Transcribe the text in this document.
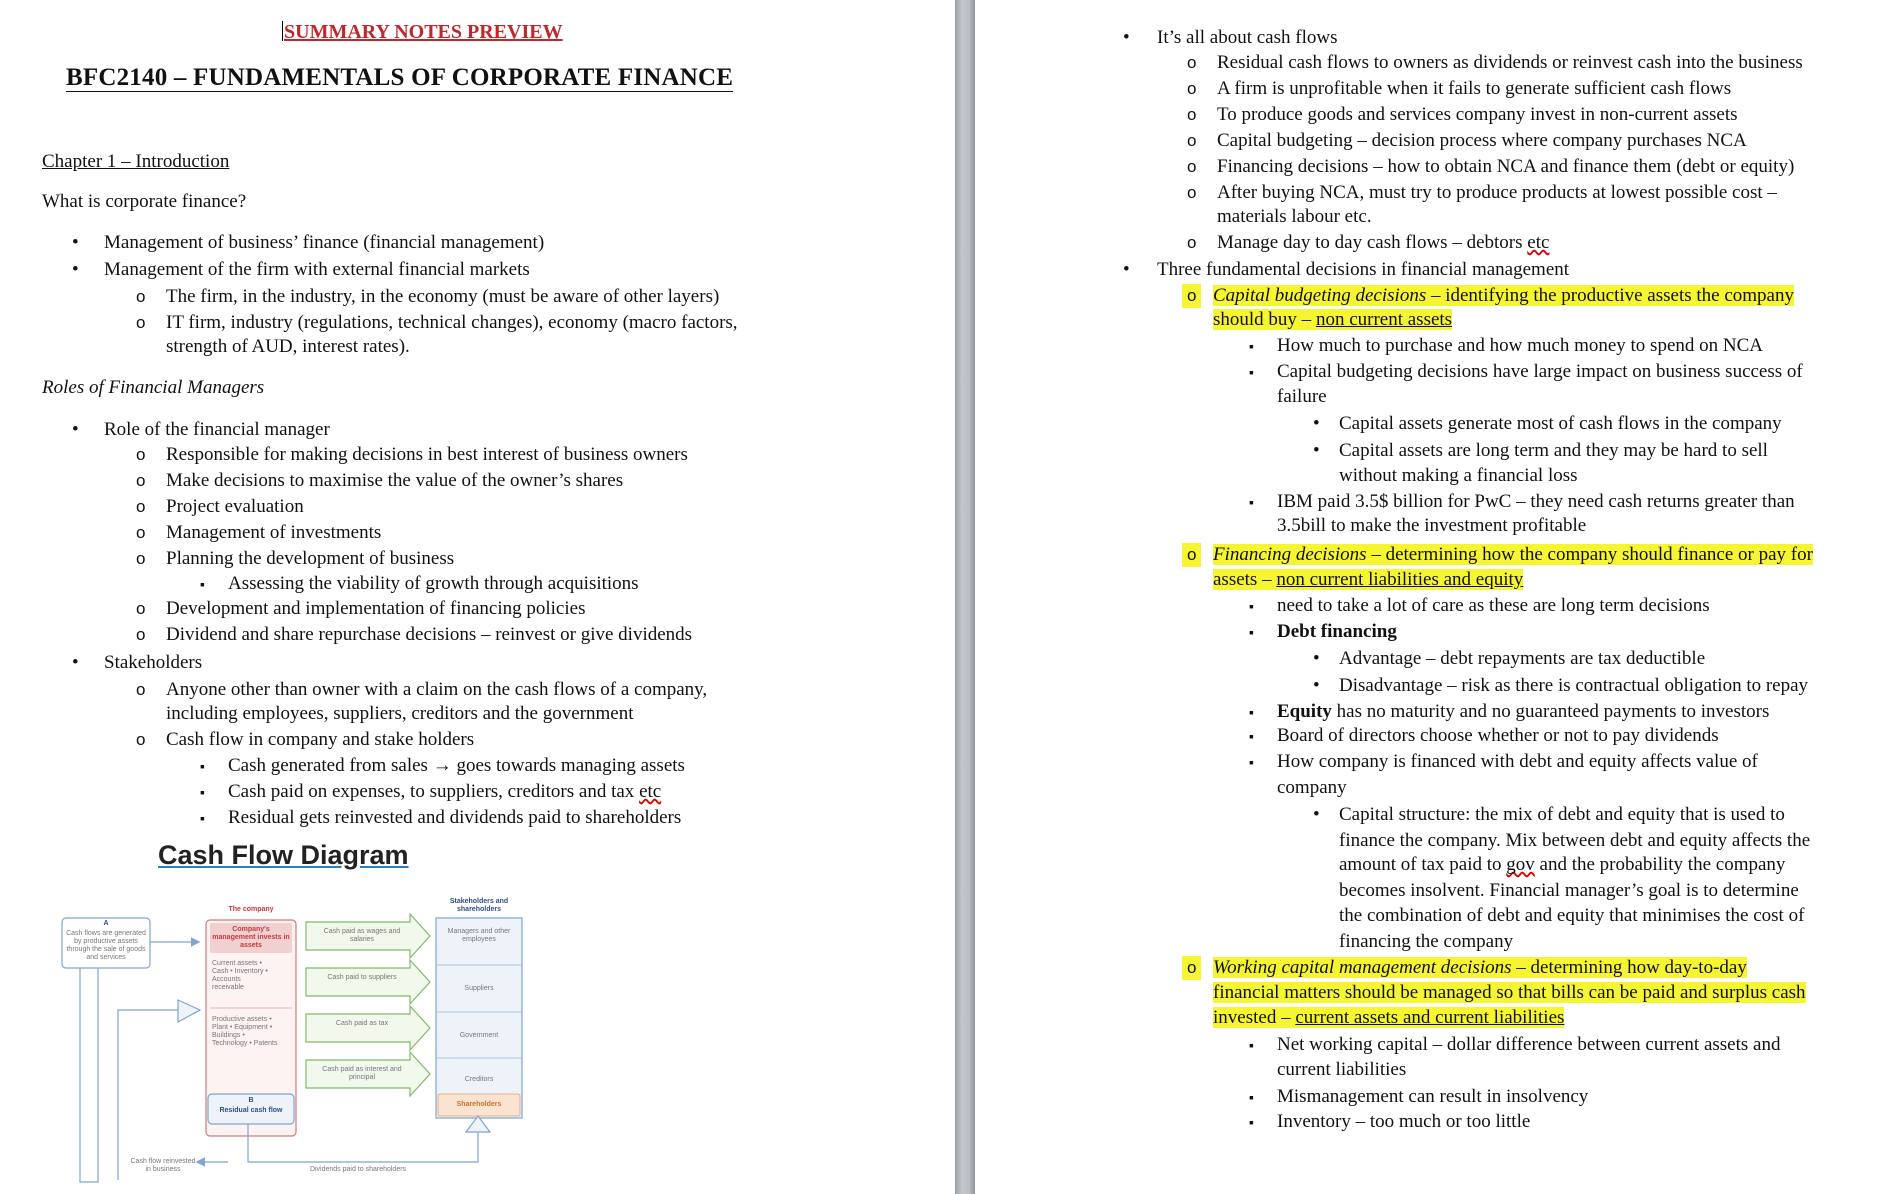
SUMMARY NOTES PREVIEW
BFC2140 – FUNDAMENTALS OF CORPORATE FINANCE
Chapter 1 – Introduction
What is corporate finance?
•
Management of business’ finance (financial management)
•
Management of the firm with external financial markets
o
The firm, in the industry, in the economy (must be aware of other layers)
o
IT firm, industry (regulations, technical changes), economy (macro factors,
strength of AUD, interest rates).
Roles of Financial Managers
•
Role of the financial manager
o
Responsible for making decisions in best interest of business owners
o
Make decisions to maximise the value of the owner’s shares
o
Project evaluation
o
Management of investments
o
Planning the development of business
▪
Assessing the viability of growth through acquisitions
o
Development and implementation of financing policies
o
Dividend and share repurchase decisions – reinvest or give dividends
•
Stakeholders
o
Anyone other than owner with a claim on the cash flows of a company,
including employees, suppliers, creditors and the government
o
Cash flow in company and stake holders
▪
Cash generated from sales → goes towards managing assets
▪
Cash paid on expenses, to suppliers, creditors and tax etc
▪
Residual gets reinvested and dividends paid to shareholders
Cash Flow Diagram
The company
Company's management invests in assets
Current assets • Cash • Inventory • Accounts receivable
Productive assets • Plant • Equipment • Buildings • Technology • Patents
A
Cash flows are generated by productive assets through the sale of goods and services
B
Residual cash flow
Stakeholders and shareholders
Managers and other employees
Suppliers
Government
Creditors
Shareholders
Cash paid as wages and salaries
Cash paid to suppliers
Cash paid as tax
Cash paid as interest and principal
Cash flow reinvested in business	Dividends paid to shareholders
•
It’s all about cash flows
o
Residual cash flows to owners as dividends or reinvest cash into the business
o
A firm is unprofitable when it fails to generate sufficient cash flows
o
To produce goods and services company invest in non-current assets
o
Capital budgeting – decision process where company purchases NCA
o
Financing decisions – how to obtain NCA and finance them (debt or equity)
o
After buying NCA, must try to produce products at lowest possible cost –
materials labour etc.
o
Manage day to day cash flows – debtors etc
•
Three fundamental decisions in financial management
o
Capital budgeting decisions – identifying the productive assets the company
should buy – non current assets
▪
How much to purchase and how much money to spend on NCA
▪
Capital budgeting decisions have large impact on business success of
failure
•
Capital assets generate most of cash flows in the company
•
Capital assets are long term and they may be hard to sell
without making a financial loss
▪
IBM paid 3.5$ billion for PwC – they need cash returns greater than
3.5bill to make the investment profitable
o
Financing decisions – determining how the company should finance or pay for
assets – non current liabilities and equity
▪
need to take a lot of care as these are long term decisions
▪
Debt financing
•
Advantage – debt repayments are tax deductible
•
Disadvantage – risk as there is contractual obligation to repay
▪
Equity has no maturity and no guaranteed payments to investors
▪
Board of directors choose whether or not to pay dividends
▪
How company is financed with debt and equity affects value of
company
•
Capital structure: the mix of debt and equity that is used to
finance the company. Mix between debt and equity affects the
amount of tax paid to gov and the probability the company
becomes insolvent. Financial manager’s goal is to determine
the combination of debt and equity that minimises the cost of
financing the company
o
Working capital management decisions – determining how day-to-day
financial matters should be managed so that bills can be paid and surplus cash
invested – current assets and current liabilities
▪
Net working capital – dollar difference between current assets and
current liabilities
▪
Mismanagement can result in insolvency
▪
Inventory – too much or too little
